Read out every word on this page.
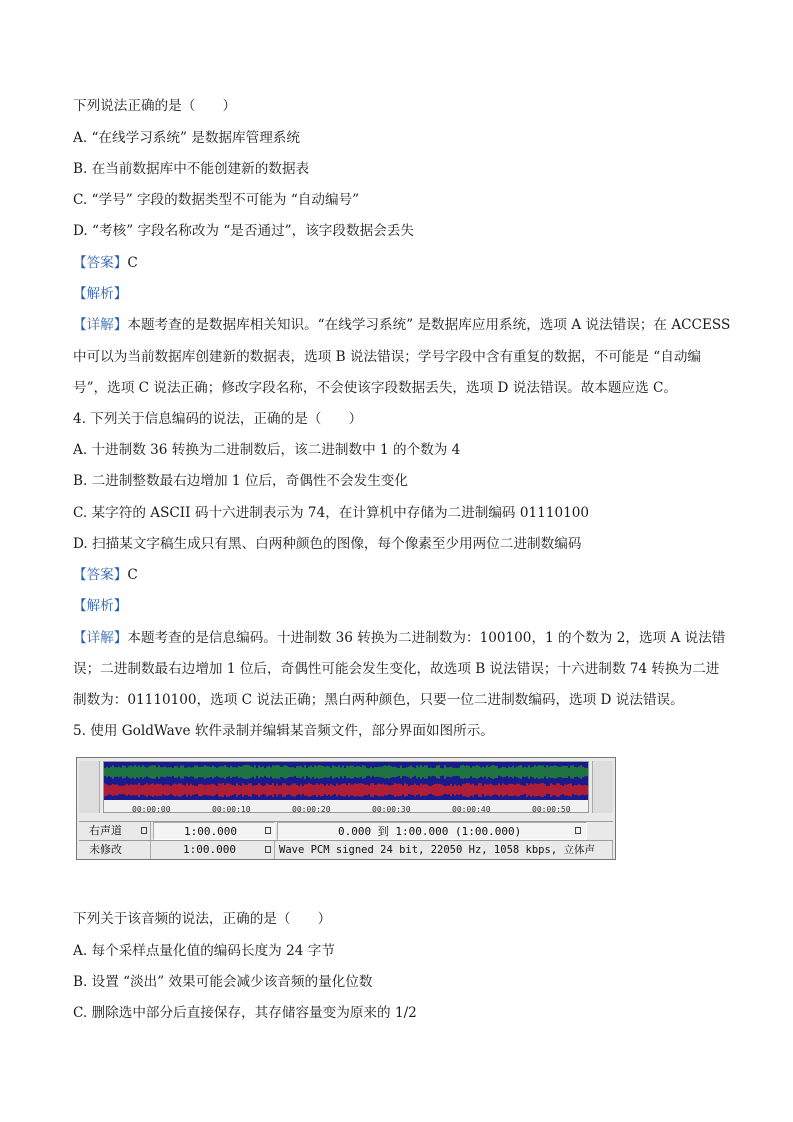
下列说法正确的是（　　）
A. “在线学习系统” 是数据库管理系统
B. 在当前数据库中不能创建新的数据表
C. “学号” 字段的数据类型不可能为 “自动编号”
D. “考核” 字段名称改为 “是否通过”，该字段数据会丢失
【答案】C
【解析】
【详解】本题考查的是数据库相关知识。“在线学习系统” 是数据库应用系统，选项 A 说法错误；在 ACCESS
中可以为当前数据库创建新的数据表，选项 B 说法错误；学号字段中含有重复的数据，不可能是 “自动编
号”，选项 C 说法正确；修改字段名称，不会使该字段数据丢失，选项 D 说法错误。故本题应选 C。
4. 下列关于信息编码的说法，正确的是（　　）
A. 十进制数 36 转换为二进制数后，该二进制数中 1 的个数为 4
B. 二进制整数最右边增加 1 位后，奇偶性不会发生变化
C. 某字符的 ASCII 码十六进制表示为 74，在计算机中存储为二进制编码 01110100
D. 扫描某文字稿生成只有黑、白两种颜色的图像，每个像素至少用两位二进制数编码
【答案】C
【解析】
【详解】本题考查的是信息编码。十进制数 36 转换为二进制数为：100100，1 的个数为 2，选项 A 说法错
误；二进制数最右边增加 1 位后，奇偶性可能会发生变化，故选项 B 说法错误；十六进制数 74 转换为二进
制数为：01110100，选项 C 说法正确；黑白两种颜色，只要一位二进制数编码，选项 D 说法错误。
5. 使用 GoldWave 软件录制并编辑某音频文件，部分界面如图所示。
00:00:00	00:00:10	00:00:20	00:00:30	00:00:40	00:00:50
右声道	1:00.000	0.000 到 1:00.000 (1:00.000)
未修改	1:00.000	Wave PCM signed 24 bit, 22050 Hz, 1058 kbps, 立体声
下列关于该音频的说法，正确的是（　　）
A. 每个采样点量化值的编码长度为 24 字节
B. 设置 “淡出” 效果可能会减少该音频的量化位数
C. 删除选中部分后直接保存，其存储容量变为原来的 1/2
